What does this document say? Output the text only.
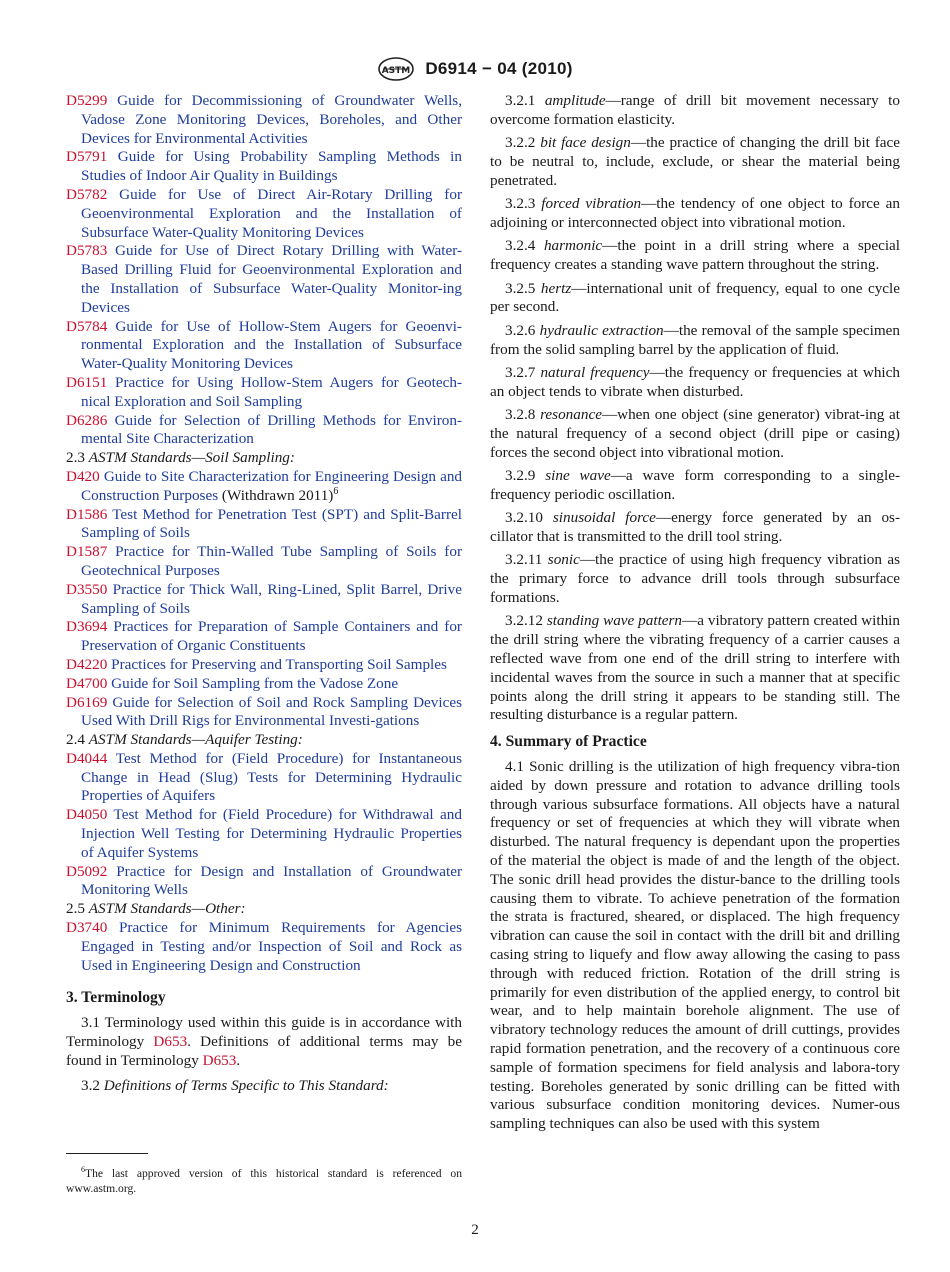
ASTM D6914 − 04 (2010)

D5299 Guide for Decommissioning of Groundwater Wells, Vadose Zone Monitoring Devices, Boreholes, and Other Devices for Environmental Activities

D5791 Guide for Using Probability Sampling Methods in Studies of Indoor Air Quality in Buildings

D5782 Guide for Use of Direct Air-Rotary Drilling for Geoenvironmental Exploration and the Installation of Subsurface Water-Quality Monitoring Devices

D5783 Guide for Use of Direct Rotary Drilling with Water-Based Drilling Fluid for Geoenvironmental Exploration and the Installation of Subsurface Water-Quality Monitor-ing Devices

D5784 Guide for Use of Hollow-Stem Augers for Geoenvi-ronmental Exploration and the Installation of Subsurface Water-Quality Monitoring Devices

D6151 Practice for Using Hollow-Stem Augers for Geotech-nical Exploration and Soil Sampling

D6286 Guide for Selection of Drilling Methods for Environ-mental Site Characterization

2.3 ASTM Standards—Soil Sampling:

D420 Guide to Site Characterization for Engineering Design and Construction Purposes (Withdrawn 2011)$^6$

D1586 Test Method for Penetration Test (SPT) and Split-Barrel Sampling of Soils

D1587 Practice for Thin-Walled Tube Sampling of Soils for Geotechnical Purposes

D3550 Practice for Thick Wall, Ring-Lined, Split Barrel, Drive Sampling of Soils

D3694 Practices for Preparation of Sample Containers and for Preservation of Organic Constituents

D4220 Practices for Preserving and Transporting Soil Samples

D4700 Guide for Soil Sampling from the Vadose Zone

D6169 Guide for Selection of Soil and Rock Sampling Devices Used With Drill Rigs for Environmental Investi-gations

2.4 ASTM Standards—Aquifer Testing:

D4044 Test Method for (Field Procedure) for Instantaneous Change in Head (Slug) Tests for Determining Hydraulic Properties of Aquifers

D4050 Test Method for (Field Procedure) for Withdrawal and Injection Well Testing for Determining Hydraulic Properties of Aquifer Systems

D5092 Practice for Design and Installation of Groundwater Monitoring Wells

2.5 ASTM Standards—Other:

D3740 Practice for Minimum Requirements for Agencies Engaged in Testing and/or Inspection of Soil and Rock as Used in Engineering Design and Construction

3. Terminology

3.1 Terminology used within this guide is in accordance with Terminology D653. Definitions of additional terms may be found in Terminology D653.

3.2 Definitions of Terms Specific to This Standard:

3.2.1 amplitude—range of drill bit movement necessary to overcome formation elasticity.

3.2.2 bit face design—the practice of changing the drill bit face to be neutral to, include, exclude, or shear the material being penetrated.

3.2.3 forced vibration—the tendency of one object to force an adjoining or interconnected object into vibrational motion.

3.2.4 harmonic—the point in a drill string where a special frequency creates a standing wave pattern throughout the string.

3.2.5 hertz—international unit of frequency, equal to one cycle per second.

3.2.6 hydraulic extraction—the removal of the sample specimen from the solid sampling barrel by the application of fluid.

3.2.7 natural frequency—the frequency or frequencies at which an object tends to vibrate when disturbed.

3.2.8 resonance—when one object (sine generator) vibrat-ing at the natural frequency of a second object (drill pipe or casing) forces the second object into vibrational motion.

3.2.9 sine wave—a wave form corresponding to a single-frequency periodic oscillation.

3.2.10 sinusoidal force—energy force generated by an os-cillator that is transmitted to the drill tool string.

3.2.11 sonic—the practice of using high frequency vibration as the primary force to advance drill tools through subsurface formations.

3.2.12 standing wave pattern—a vibratory pattern created within the drill string where the vibrating frequency of a carrier causes a reflected wave from one end of the drill string to interfere with incidental waves from the source in such a manner that at specific points along the drill string it appears to be standing still. The resulting disturbance is a regular pattern.

4. Summary of Practice

4.1 Sonic drilling is the utilization of high frequency vibra-tion aided by down pressure and rotation to advance drilling tools through various subsurface formations. All objects have a natural frequency or set of frequencies at which they will vibrate when disturbed. The natural frequency is dependant upon the properties of the material the object is made of and the length of the object. The sonic drill head provides the distur-bance to the drilling tools causing them to vibrate. To achieve penetration of the formation the strata is fractured, sheared, or displaced. The high frequency vibration can cause the soil in contact with the drill bit and drilling casing string to liquefy and flow away allowing the casing to pass through with reduced friction. Rotation of the drill string is primarily for even distribution of the applied energy, to control bit wear, and to help maintain borehole alignment. The use of vibratory technology reduces the amount of drill cuttings, provides rapid formation penetration, and the recovery of a continuous core sample of formation specimens for field analysis and labora-tory testing. Boreholes generated by sonic drilling can be fitted with various subsurface condition monitoring devices. Numer-ous sampling techniques can also be used with this system

$^6$The last approved version of this historical standard is referenced on www.astm.org.
2
